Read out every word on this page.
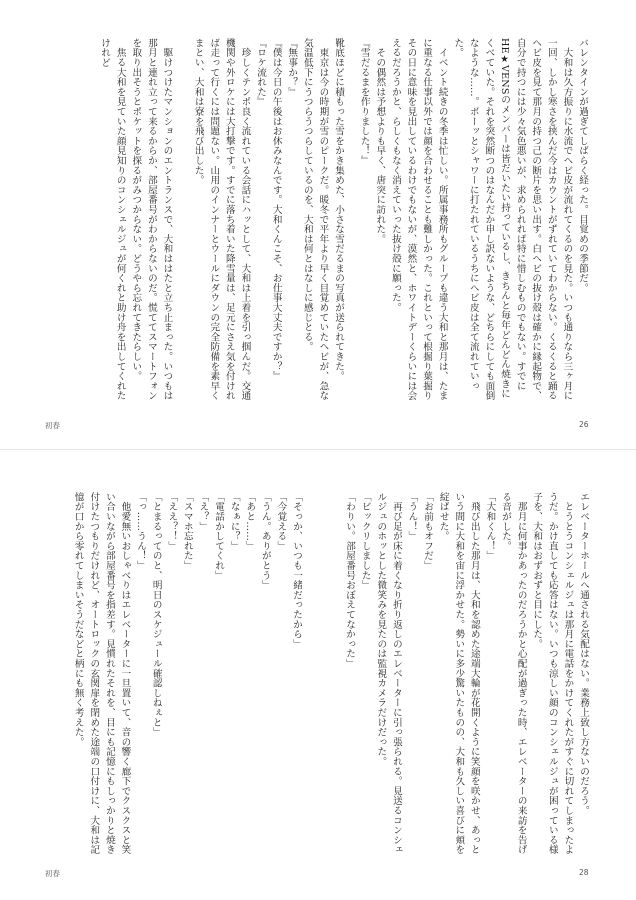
バレンタインが過ぎてしばらく経った。目覚めの季節だ。
　大和は久方振りに水流でヘビ皮が流れてくるのを見た。いつも通りなら三ヶ月に一回、しかし寒さを挟んだ今はカウントがずれていてわからない。くるくると踊るヘビ皮を見て那月の持つ己の断片を思い出す。白ヘビの抜け殻は確かに縁起物で、自分で持つには少々気色悪いが、求められれば特に惜しむものでもない。すでにHE★VENSのメンバーは皆だいたい持っているし、きちんと毎年どんどん焼きにくべていた。それを突然断つのはなんだか申し訳ないような、どちらにしても面倒なような……。ボーッとシャワーに打たれているうちにヘビ皮は全て流れていった。
　イベント続きの冬季は忙しい。所属事務所もグループも違う大和と那月は、たまに重なる仕事以外では顔を合わせることも難しかった。これといって根掘り葉掘りその日に意味を見出しているわけでもないが、漠然と、ホワイトデーくらいには会えるだろうかと、らしくもなく消えていった抜け殻に願った。
　その偶然は予想よりも早く、唐突に訪れた。
『雪だるまを作りました！』
靴底ほどに積もった雪をかき集めた、小さな雪だるまの写真が送られてきた。
　東京は今の時期が雪のピークだ。暖冬で平年より早く目覚めていたヘビが、急な気温低下にうつらうつらしているのを、大和は何とはなしに感じとる。
『無事か？』
『僕は今日の午後はお休みなんです。大和くんこそ、お仕事大丈夫ですか？』
『ロケ流れた』
　珍しくテンポ良く流れている会話にハッとして、大和は上着を引っ掴んだ。交通機関や外ロケには大打撃です。すでに落ち着いた降雪量は、足元にさえ気を付ければ走って行くには問題ない。山用のインナーとウールにダウンの完全防備を素早くまとい、大和は寮を飛び出した。

　駆けつけたマンションのエントランスで、大和ははたと立ち止まった。いつもは那月と連れ立って来るからか、部屋番号がわからないのだ。慌ててスマートフォンを取り出そうとポケットを探るがみつからない。どうやら忘れてきたらしい。
　焦る大和を見ていた顔見知りのコンシェルジュが何くれと助け舟を出してくれたけれど
初春	26
エレベーターホールへ通される気配はない。業務上致し方ないのだろう。
　とうとうコンシェルジュは那月に電話をかけてくれたがすぐに切れてしまったようだ。かけ直しても応答はない。いつも涼しい顔のコンシェルジュが困っている様子を、大和はおずおずと目にした。
　那月に何事かあったのだろうかと心配が過ぎった時、エレベーターの来訪を告げる音がした。
「大和くん！」
　飛び出した那月は、大和を認めた途端大輪が花開くように笑顔を咲かせ、あっという間に大和を宙に浮かせた。勢いに多少驚いたものの、大和も久しい喜びに頬を綻ばせた。
「お前もオフだ」
「うん！」
　再び足が床に着くなり折り返しのエレベーターに引っ張られる。見送るコンシェルジュのホッとした微笑みを見たのは監視カメラだけだった。
「ビックリしました」
「わりい。部屋番号おぼえてなかった」
「そっか、いつも一緒だったから」
「今覚える」
「うん。ありがとう」
「あと……」
「なぁに？」
「電話かしてくれ」
「え？」
「スマホ忘れた」
「ええ？！」
「とまるってのと、明日のスケジュール確認しねぇと」
「っ……うん！」
　他愛無いおしゃべりはエレベーターに一旦置いて、音の響く廊下でクスクスと笑い合いながら部屋番号を指差す。見慣れたそれを、目にも記憶にもしっかりと焼き付けたつもりだけれど、オートロックの玄関扉を閉めた途端の口付けに、大和は記憶が口から零れてしまいそうだなどと柄にも無く考えた。
初春	28
